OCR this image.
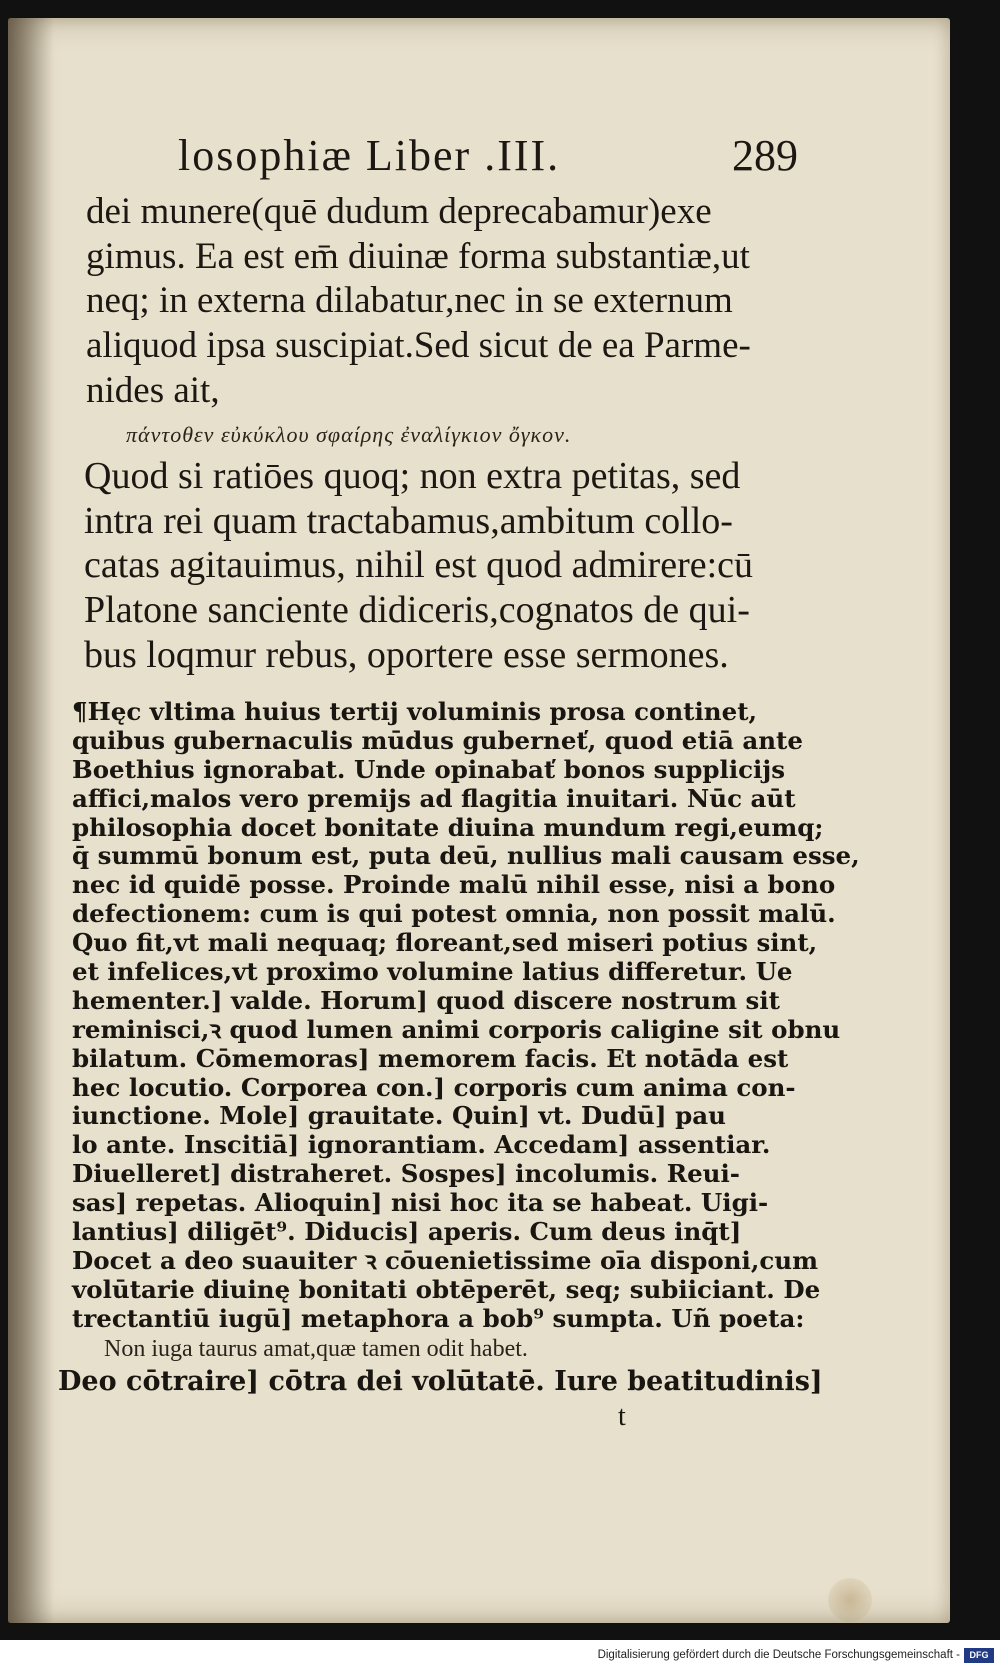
losophiæ Liber .III.	289
dei munere(quē dudum deprecabamur)exe
gimus. Ea est em̄ diuinæ forma substantiæ,ut
neq; in externa dilabatur,nec in se externum
aliquod ipsa suscipiat.Sed sicut de ea Parme-
nides ait,
πάντοθεν εὐκύκλου σφαίρης ἐναλίγκιον ὄγκον.
Quod si ratiōes quoq; non extra petitas, sed
intra rei quam tractabamus,ambitum collo-
catas agitauimus, nihil est quod admirere:cū
Platone sanciente didiceris,cognatos de qui-
bus loqmur rebus, oportere esse sermones.
¶Hęc vltima huius tertij voluminis prosa continet,
quibus gubernaculis mūdus guberneť, quod etiā ante
Boethius ignorabat. Unde opinabať bonos supplicijs
affici,malos vero premijs ad flagitia inuitari. Nūc aūt
philosophia docet bonitate diuina mundum regi,eumq;
q̄ summū bonum est, puta deū, nullius mali causam esse,
nec id quidē posse. Proinde malū nihil esse, nisi a bono
defectionem: cum is qui potest omnia, non possit malū.
Quo fit,vt mali nequaq; floreant,sed miseri potius sint,
et infelices,vt proximo volumine latius differetur. Ue
hementer.] valde. Horum] quod discere nostrum sit
reminisci,ꝛ quod lumen animi corporis caligine sit obnu
bilatum. Cōmemoras] memorem facis. Et notāda est
hec locutio. Corporea con.] corporis cum anima con-
iunctione. Mole] grauitate. Quin] vt. Dudū] pau
lo ante. Inscitiā] ignorantiam. Accedam] assentiar.
Diuelleret] distraheret. Sospes] incolumis. Reui-
sas] repetas. Alioquin] nisi hoc ita se habeat. Uigi-
lantius] diligēt⁹. Diducis] aperis. Cum deus inq̄t]
Docet a deo suauiter ꝛ cōuenietissime oīa disponi,cum
volūtarie diuinę bonitati obtēperēt, seq; subiiciant. De
trectantiū iugū] metaphora a bob⁹ sumpta. Uñ poeta:
Non iuga taurus amat,quæ tamen odit habet.
Deo cōtraire] cōtra dei volūtatē. Iure beatitudinis]
t
Digitalisierung gefördert durch die Deutsche Forschungsgemeinschaft -	DFG
